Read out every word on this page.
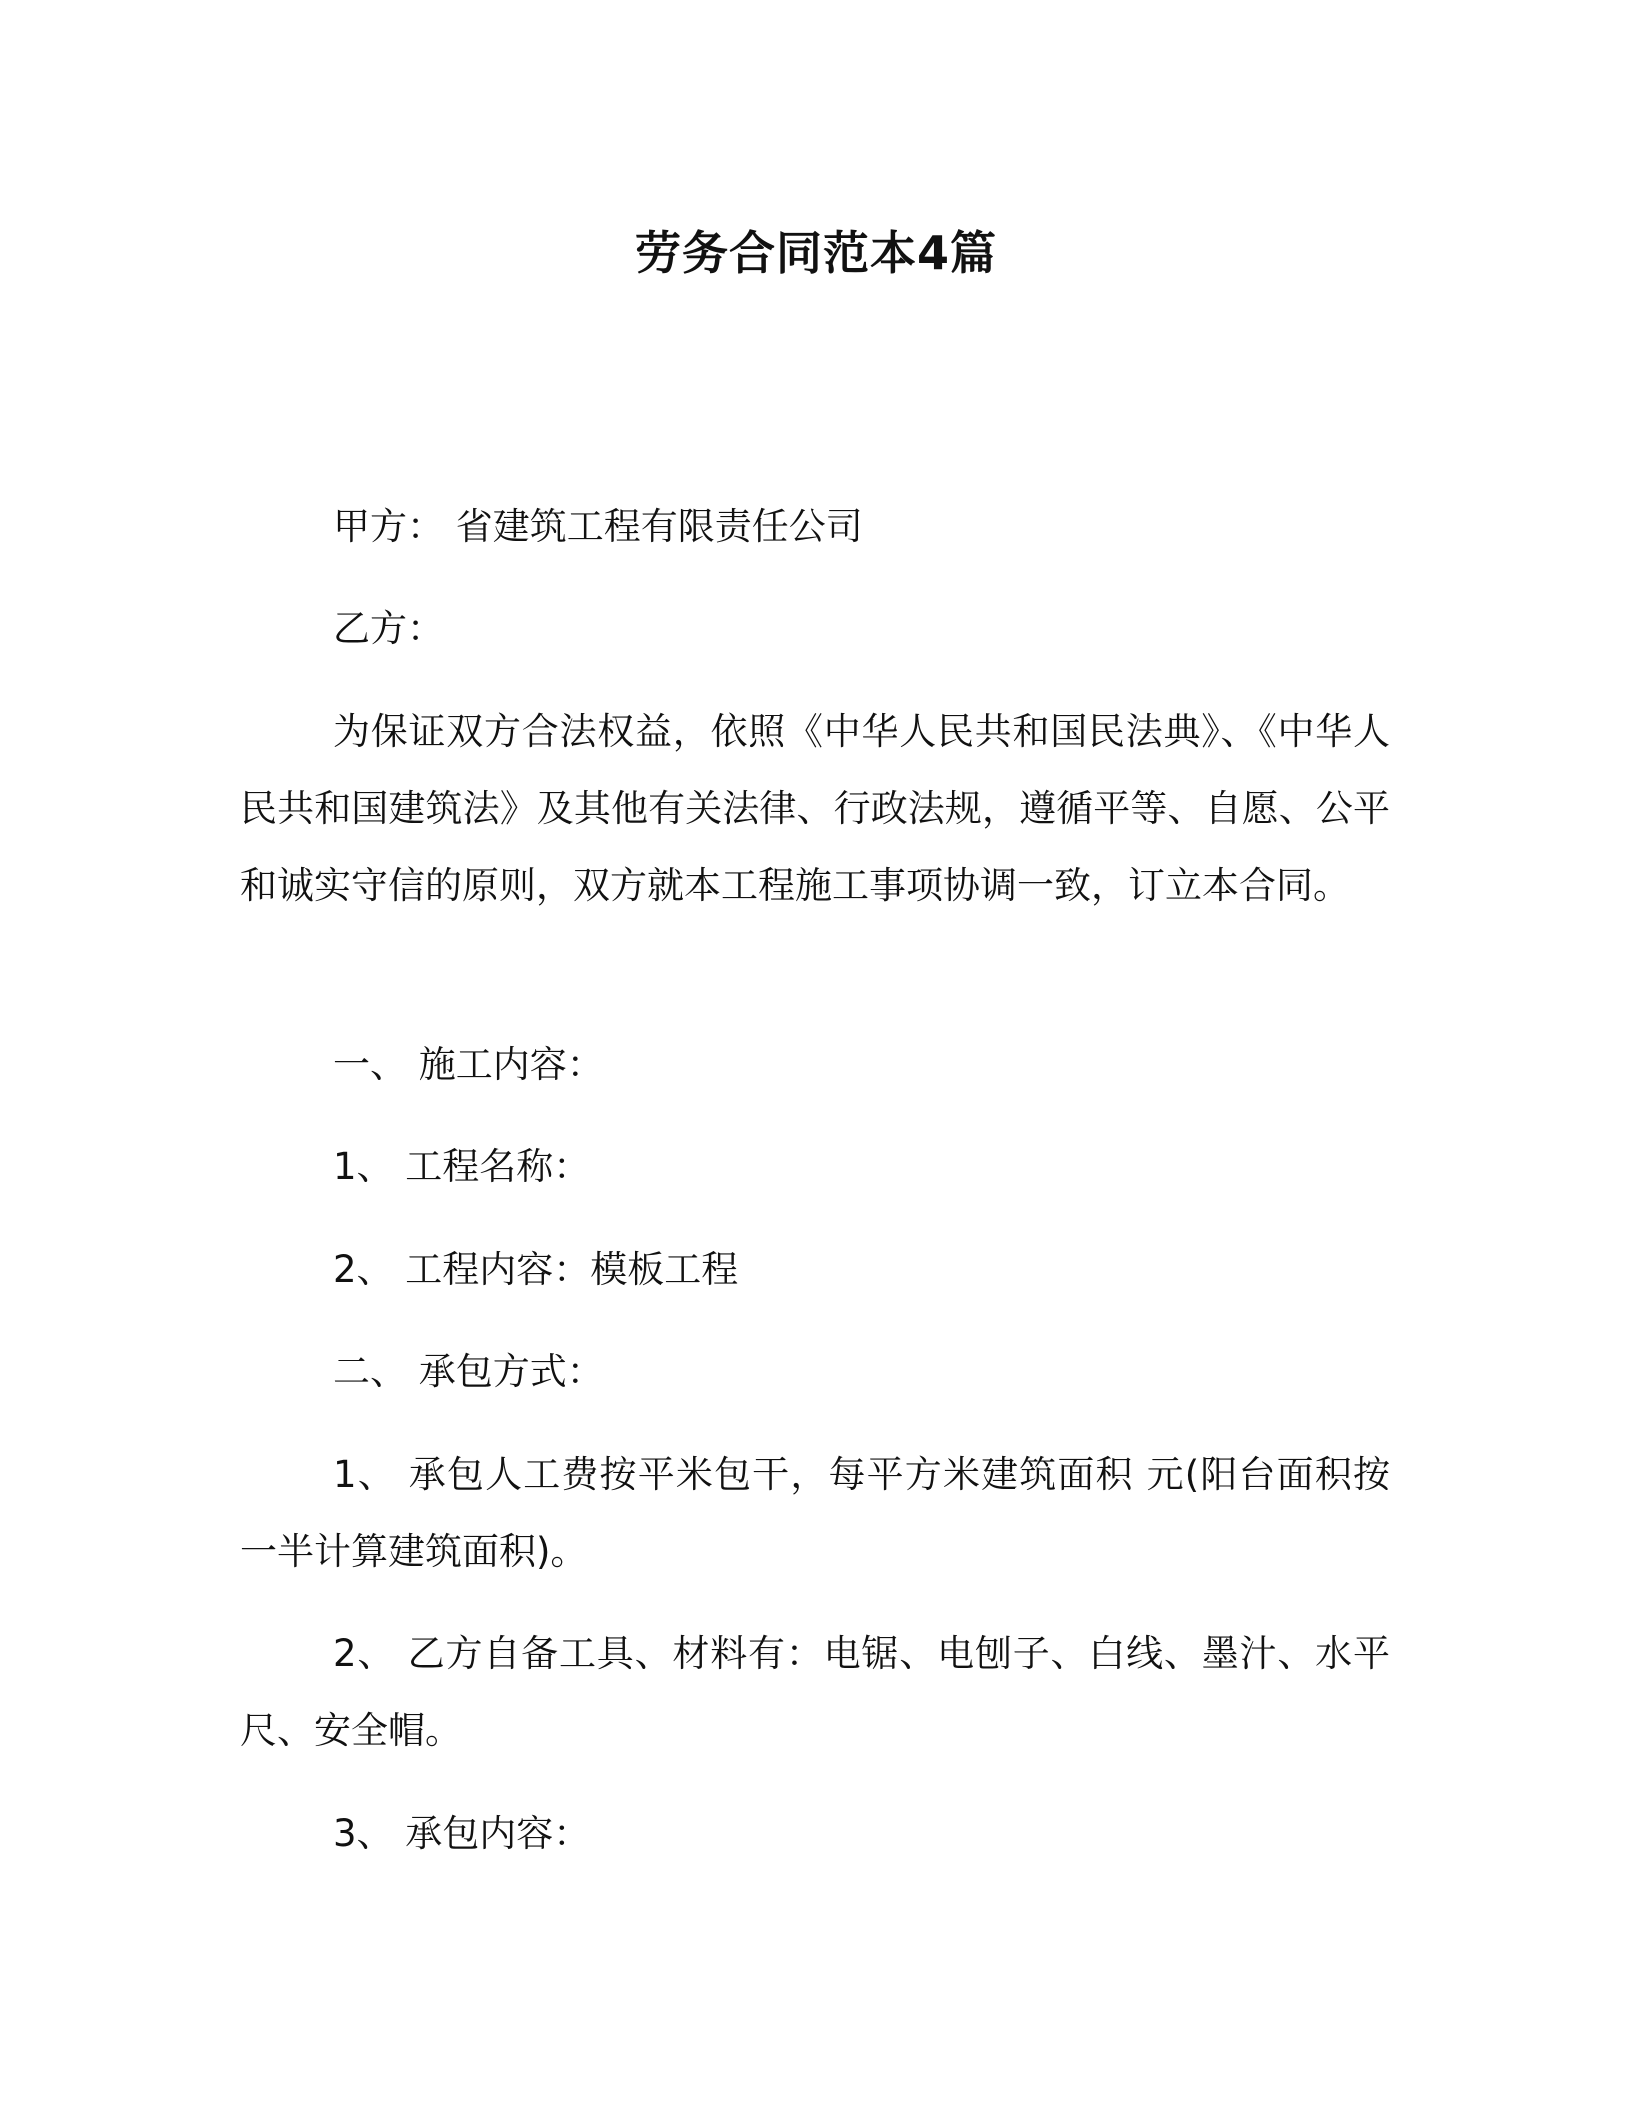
劳务合同范本4篇

甲方： 省建筑工程有限责任公司

乙方：

为保证双方合法权益，依照《中华人民共和国民法典》、《中华人民共和国建筑法》及其他有关法律、行政法规，遵循平等、自愿、公平和诚实守信的原则，双方就本工程施工事项协调一致，订立本合同。

一、 施工内容：

1、 工程名称：

2、 工程内容：模板工程

二、 承包方式：

1、 承包人工费按平米包干，每平方米建筑面积 元(阳台面积按一半计算建筑面积)。

2、 乙方自备工具、材料有：电锯、电刨子、白线、墨汁、水平尺、安全帽。

3、 承包内容：
